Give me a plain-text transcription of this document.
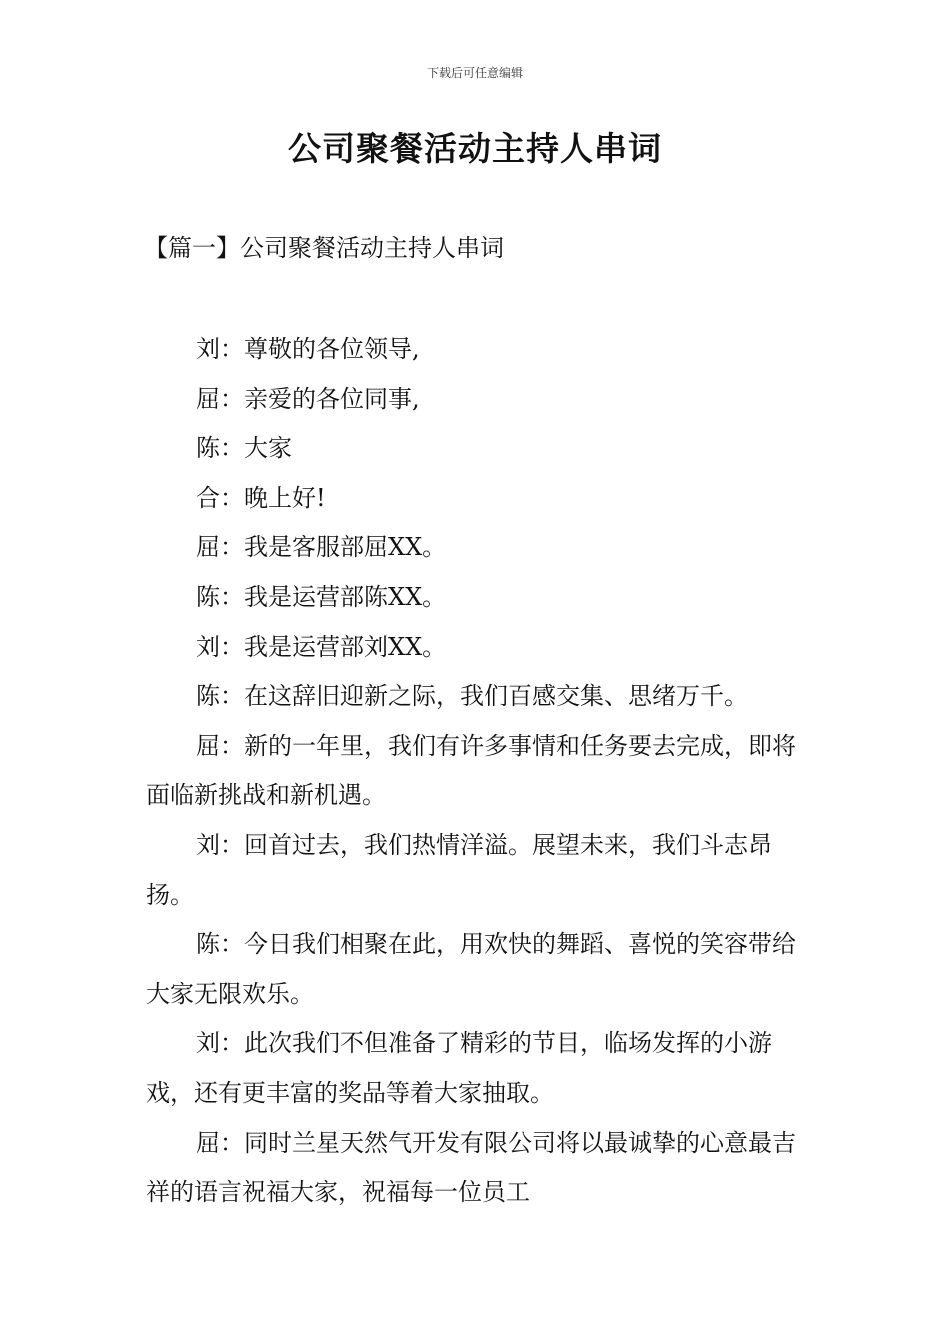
下载后可任意编辑
公司聚餐活动主持人串词
【篇一】公司聚餐活动主持人串词

刘：尊敬的各位领导,

屈：亲爱的各位同事,

陈：大家

合：晚上好!

屈：我是客服部屈XX。

陈：我是运营部陈XX。

刘：我是运营部刘XX。

陈：在这辞旧迎新之际，我们百感交集、思绪万千。

屈：新的一年里，我们有许多事情和任务要去完成，即将面临新挑战和新机遇。

刘：回首过去，我们热情洋溢。展望未来，我们斗志昂扬。

陈：今日我们相聚在此，用欢快的舞蹈、喜悦的笑容带给大家无限欢乐。

刘：此次我们不但准备了精彩的节目，临场发挥的小游戏，还有更丰富的奖品等着大家抽取。

屈：同时兰星天然气开发有限公司将以最诚挚的心意最吉祥的语言祝福大家，祝福每一位员工
